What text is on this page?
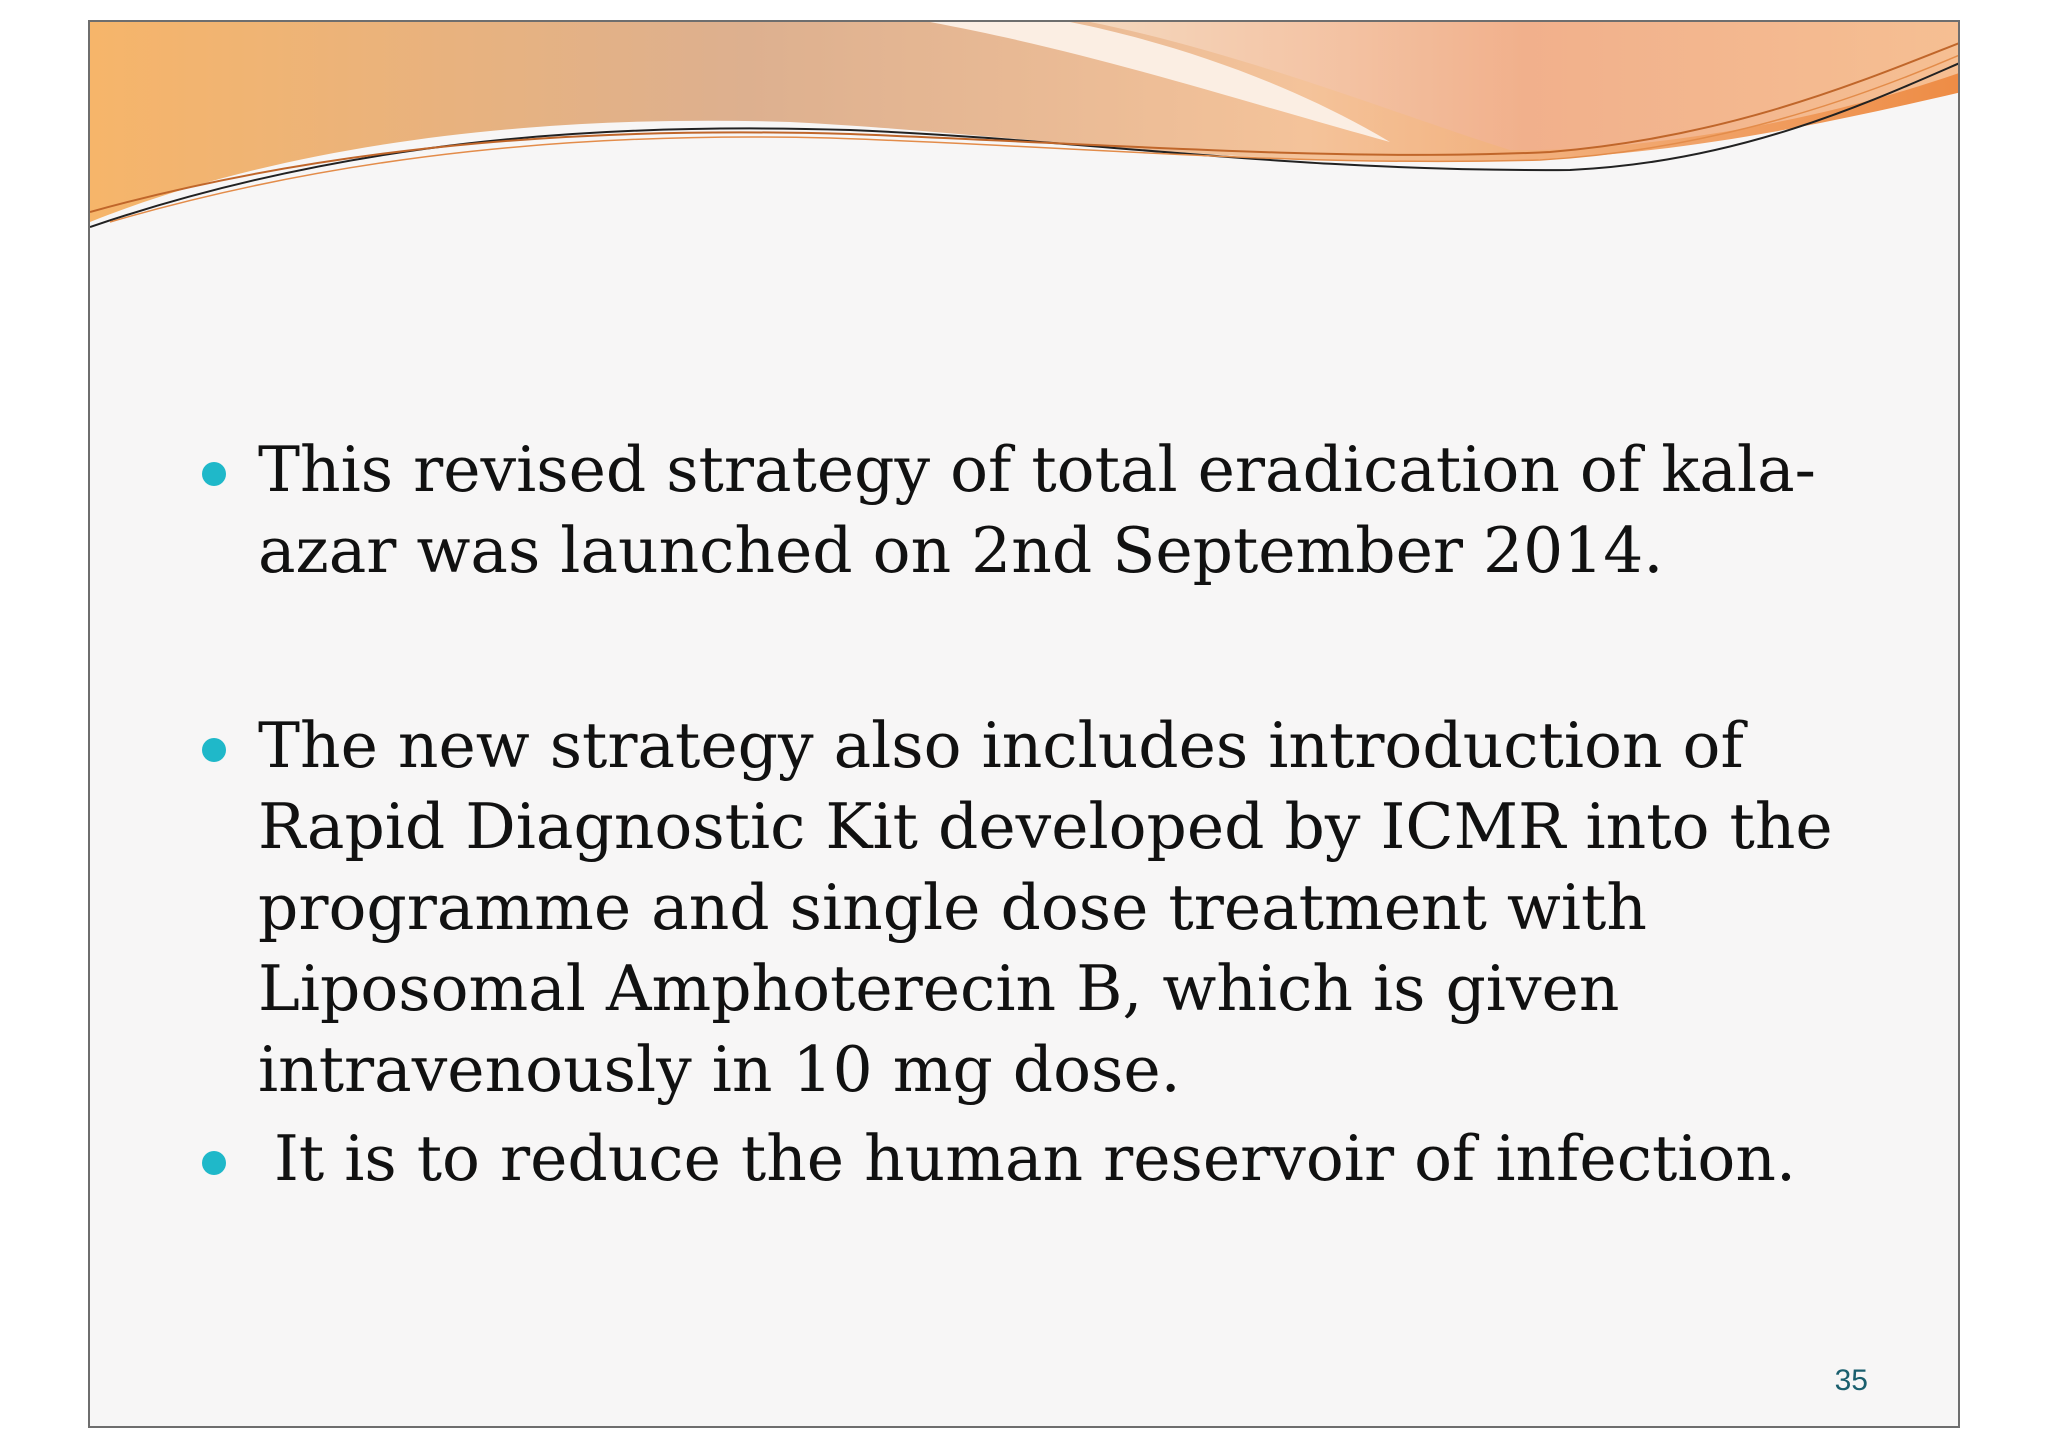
This revised strategy of total eradication of kala-azar was launched on 2nd September 2014.
The new strategy also includes introduction of Rapid Diagnostic Kit developed by ICMR into the programme and single dose treatment with Liposomal Amphoterecin B, which is given intravenously in 10 mg dose.
It is to reduce the human reservoir of infection.
35
